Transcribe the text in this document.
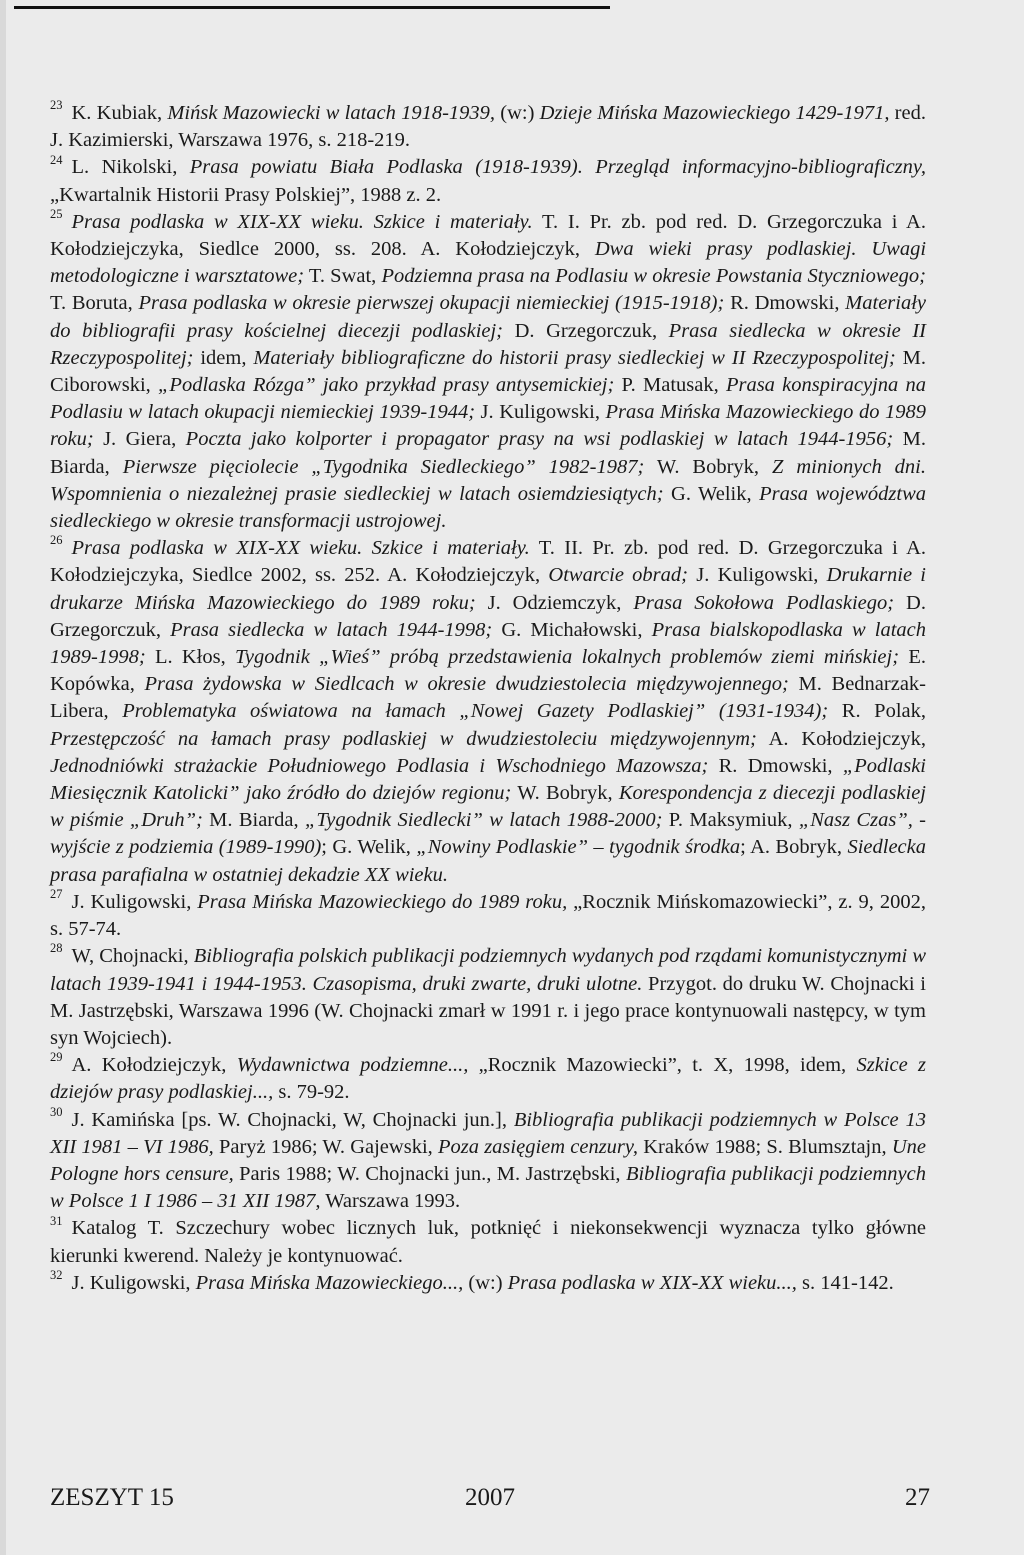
$^{23}$ K. Kubiak, Mińsk Mazowiecki w latach 1918-1939, (w:) Dzieje Mińska Mazowieckiego 1429-1971, red. J. Kazimierski, Warszawa 1976, s. 218-219.

$^{24}$ L. Nikolski, Prasa powiatu Biała Podlaska (1918-1939). Przegląd informacyjno-bibliograficzny, „Kwartalnik Historii Prasy Polskiej”, 1988 z. 2.

$^{25}$ Prasa podlaska w XIX-XX wieku. Szkice i materiały. T. I. Pr. zb. pod red. D. Grzegorczuka i A. Kołodziejczyka, Siedlce 2000, ss. 208. A. Kołodziejczyk, Dwa wieki prasy podlaskiej. Uwagi metodologiczne i warsztatowe; T. Swat, Podziemna prasa na Podlasiu w okresie Powstania Styczniowego; T. Boruta, Prasa podlaska w okresie pierwszej okupacji niemieckiej (1915-1918); R. Dmowski, Materiały do bibliografii prasy kościelnej diecezji podlaskiej; D. Grzegorczuk, Prasa siedlecka w okresie II Rzeczypospolitej; idem, Materiały bibliograficzne do historii prasy siedleckiej w II Rzeczypospolitej; M. Ciborowski, „Podlaska Rózga” jako przykład prasy antysemickiej; P. Matusak, Prasa konspiracyjna na Podlasiu w latach okupacji niemieckiej 1939-1944; J. Kuligowski, Prasa Mińska Mazowieckiego do 1989 roku; J. Giera, Poczta jako kolporter i propagator prasy na wsi podlaskiej w latach 1944-1956; M. Biarda, Pierwsze pięciolecie „Tygodnika Siedleckiego” 1982-1987; W. Bobryk, Z minionych dni. Wspomnienia o niezależnej prasie siedleckiej w latach osiemdziesiątych; G. Welik, Prasa województwa siedleckiego w okresie transformacji ustrojowej.

$^{26}$ Prasa podlaska w XIX-XX wieku. Szkice i materiały. T. II. Pr. zb. pod red. D. Grzegorczuka i A. Kołodziejczyka, Siedlce 2002, ss. 252. A. Kołodziejczyk, Otwarcie obrad; J. Kuligowski, Drukarnie i drukarze Mińska Mazowieckiego do 1989 roku; J. Odziemczyk, Prasa Sokołowa Podlaskiego; D. Grzegorczuk, Prasa siedlecka w latach 1944-1998; G. Michałowski, Prasa bialskopodlaska w latach 1989-1998; L. Kłos, Tygodnik „Wieś” próbą przedstawienia lokalnych problemów ziemi mińskiej; E. Kopówka, Prasa żydowska w Siedlcach w okresie dwudziestolecia międzywojennego; M. Bednarzak-Libera, Problematyka oświatowa na łamach „Nowej Gazety Podlaskiej” (1931-1934); R. Polak, Przestępczość na łamach prasy podlaskiej w dwudziestoleciu międzywojennym; A. Kołodziejczyk, Jednodniówki strażackie Południowego Podlasia i Wschodniego Mazowsza; R. Dmowski, „Podlaski Miesięcznik Katolicki” jako źródło do dziejów regionu; W. Bobryk, Korespondencja z diecezji podlaskiej w piśmie „Druh”; M. Biarda, „Tygodnik Siedlecki” w latach 1988-2000; P. Maksymiuk, „Nasz Czas”, - wyjście z podziemia (1989-1990); G. Welik, „Nowiny Podlaskie” – tygodnik środka; A. Bobryk, Siedlecka prasa parafialna w ostatniej dekadzie XX wieku.

$^{27}$ J. Kuligowski, Prasa Mińska Mazowieckiego do 1989 roku, „Rocznik Mińskomazowiecki”, z. 9, 2002, s. 57-74.

$^{28}$ W, Chojnacki, Bibliografia polskich publikacji podziemnych wydanych pod rządami komunistycznymi w latach 1939-1941 i 1944-1953. Czasopisma, druki zwarte, druki ulotne. Przygot. do druku W. Chojnacki i M. Jastrzębski, Warszawa 1996 (W. Chojnacki zmarł w 1991 r. i jego prace kontynuowali następcy, w tym syn Wojciech).

$^{29}$ A. Kołodziejczyk, Wydawnictwa podziemne..., „Rocznik Mazowiecki”, t. X, 1998, idem, Szkice z dziejów prasy podlaskiej..., s. 79-92.

$^{30}$ J. Kamińska [ps. W. Chojnacki, W, Chojnacki jun.], Bibliografia publikacji podziemnych w Polsce 13 XII 1981 – VI 1986, Paryż 1986; W. Gajewski, Poza zasięgiem cenzury, Kraków 1988; S. Blumsztajn, Une Pologne hors censure, Paris 1988; W. Chojnacki jun., M. Jastrzębski, Bibliografia publikacji podziemnych w Polsce 1 I 1986 – 31 XII 1987, Warszawa 1993.

$^{31}$ Katalog T. Szczechury wobec licznych luk, potknięć i niekonsekwencji wyznacza tylko główne kierunki kwerend. Należy je kontynuować.

$^{32}$ J. Kuligowski, Prasa Mińska Mazowieckiego..., (w:) Prasa podlaska w XIX-XX wieku..., s. 141-142.

ZESZYT 15	2007	27
